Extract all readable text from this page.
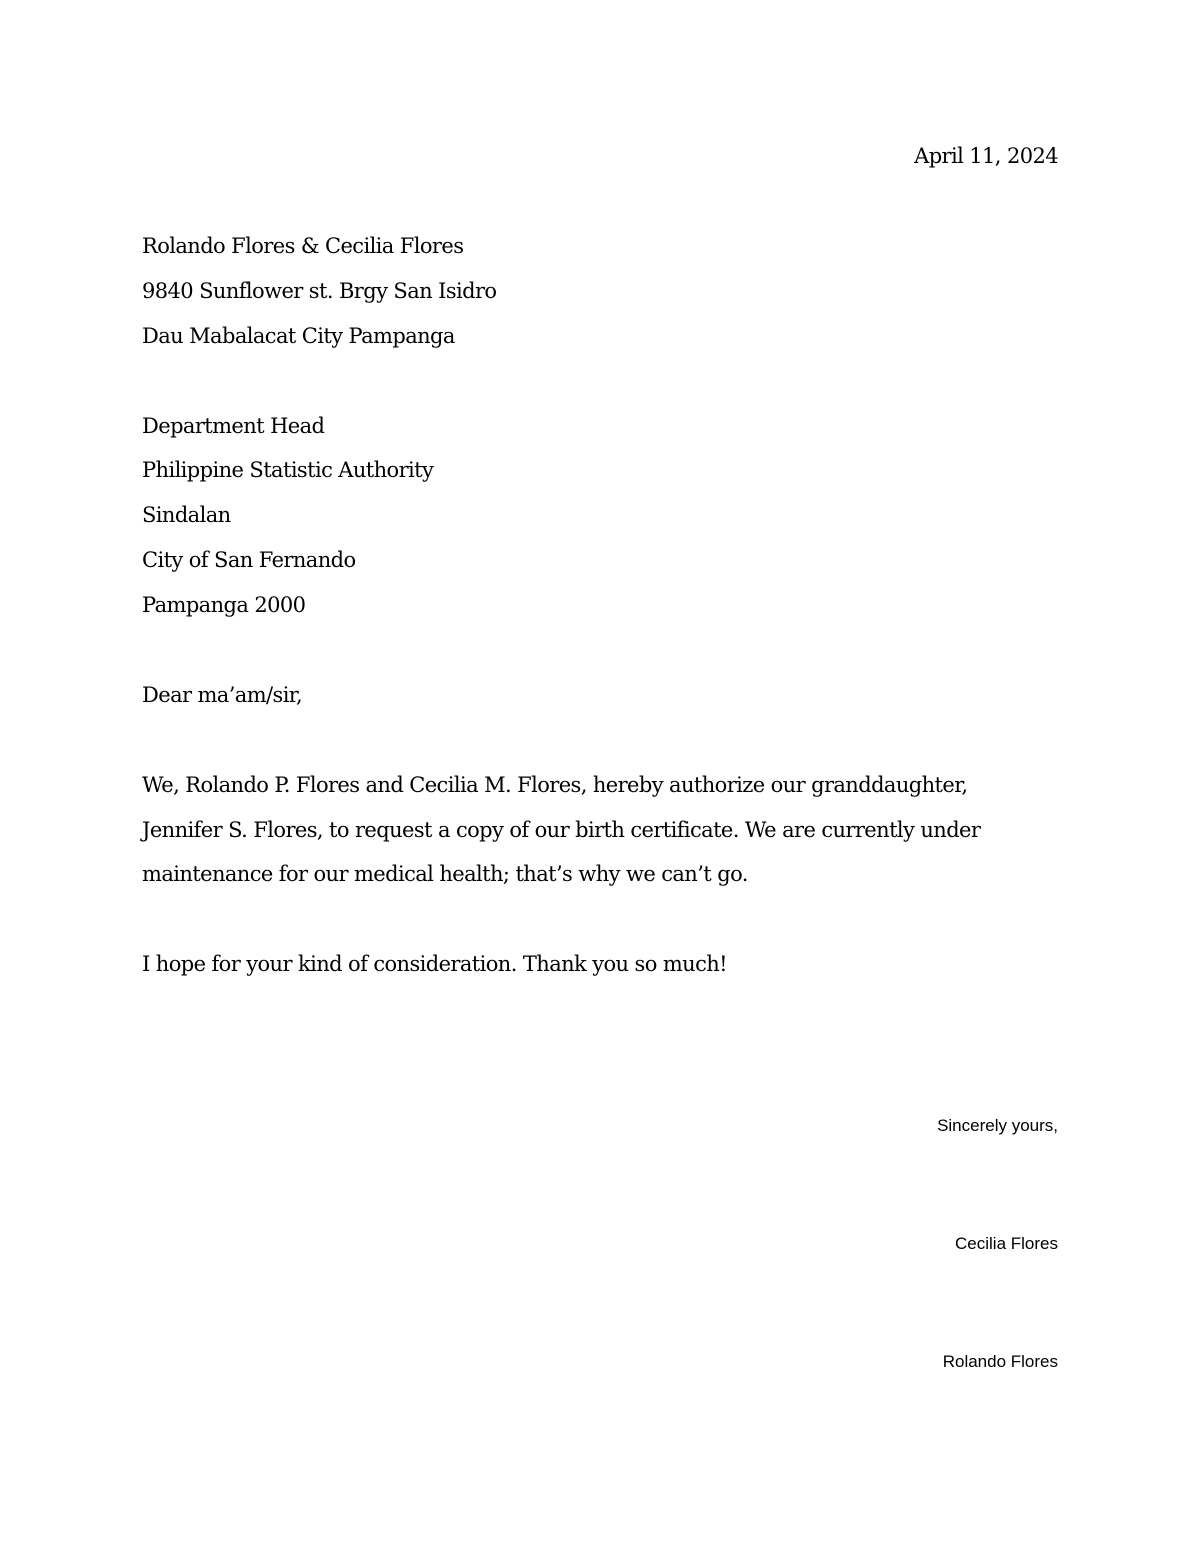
April 11, 2024
Rolando Flores & Cecilia Flores
9840 Sunflower st. Brgy San Isidro
Dau Mabalacat City Pampanga
Department Head
Philippine Statistic Authority
Sindalan
City of San Fernando
Pampanga 2000
Dear ma’am/sir,
We, Rolando P. Flores and Cecilia M. Flores, hereby authorize our granddaughter,
Jennifer S. Flores, to request a copy of our birth certificate. We are currently under
maintenance for our medical health; that’s why we can’t go.
I hope for your kind of consideration. Thank you so much!
Sincerely yours,
Cecilia Flores
Rolando Flores
